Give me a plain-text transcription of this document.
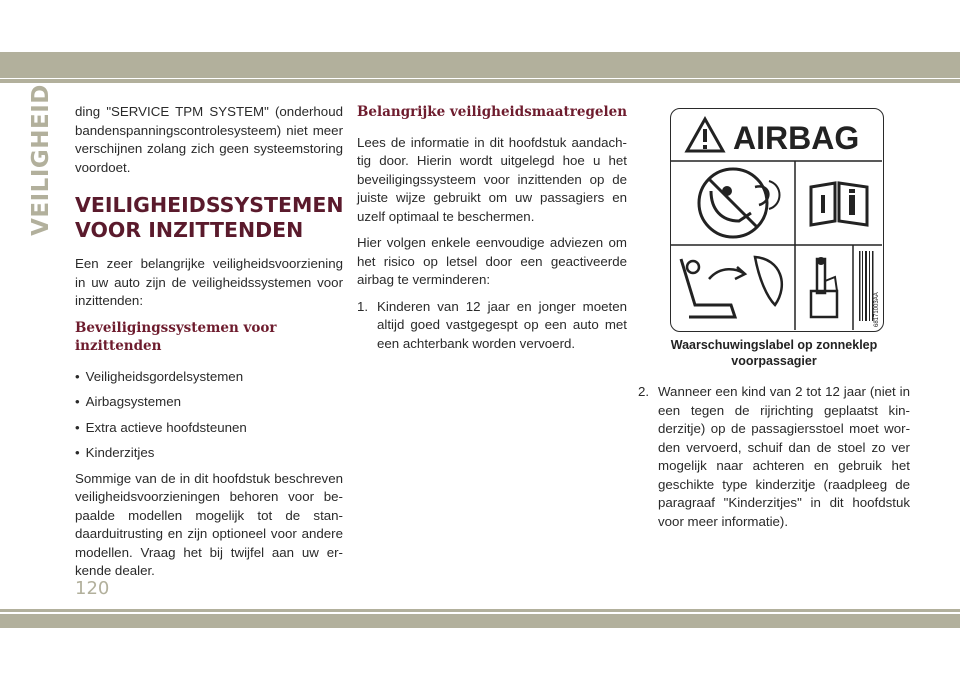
VEILIGHEID ding "SERVICE TPM SYSTEM" (onderhoud bandenspanningscontrolesysteem) niet meer verschijnen zolang zich geen systeemstoring voordoet.

VEILIGHEIDSSYSTEMEN
VOOR INZITTENDEN

Een zeer belangrijke veiligheidsvoorziening in uw auto zijn de veiligheidssystemen voor inzittenden:

Beveiligingssystemen voor inzittenden
• Veiligheidsgordelsystemen
• Airbagsystemen
• Extra actieve hoofdsteunen
• Kinderzitjes

Sommige van de in dit hoofdstuk beschreven veiligheidsvoorzieningen behoren voor be-paalde modellen mogelijk tot de stan-daarduitrusting en zijn optioneel voor andere modellen. Vraag het bij twijfel aan uw er-kende dealer.

Belangrijke veiligheidsmaatregelen

Lees de informatie in dit hoofdstuk aandach-tig door. Hierin wordt uitgelegd hoe u het beveiligingssysteem voor inzittenden op de juiste wijze gebruikt om uw passagiers en uzelf optimaal te beschermen.

Hier volgen enkele eenvoudige adviezen om het risico op letsel door een geactiveerde airbag te verminderen:

1. Kinderen van 12 jaar en jonger moeten altijd goed vastgegespt op een auto met een achterbank worden vervoerd.
AIRBAG
68171003AA
Waarschuwingslabel op zonneklep
voorpassagier
2. Wanneer een kind van 2 tot 12 jaar (niet in een tegen de rijrichting geplaatst kin-derzitje) op de passagiersstoel moet wor-den vervoerd, schuif dan de stoel zo ver mogelijk naar achteren en gebruik het geschikte type kinderzitje (raadpleeg de paragraaf "Kinderzitjes" in dit hoofdstuk voor meer informatie).
120
